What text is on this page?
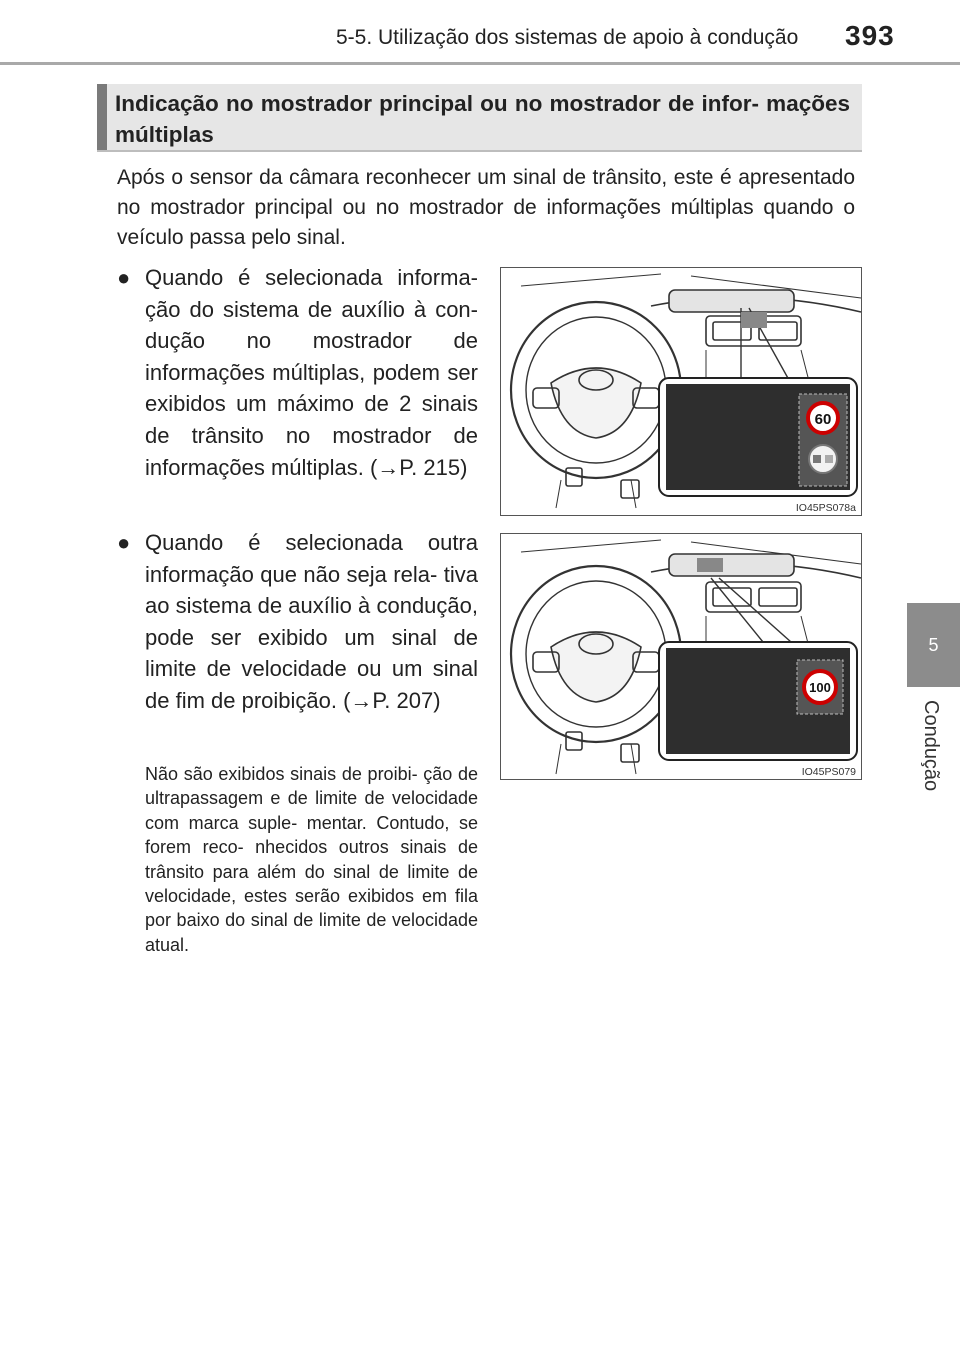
5-5. Utilização dos sistemas de apoio à condução 393
5
Condução
Indicação no mostrador principal ou no mostrador de infor- mações múltiplas
Após o sensor da câmara reconhecer um sinal de trânsito, este é apresentado no mostrador principal ou no mostrador de informações múltiplas quando o veículo passa pelo sinal.
● Quando é selecionada informa- ção do sistema de auxílio à con- dução no mostrador de informações múltiplas, podem ser exibidos um máximo de 2 sinais de trânsito no mostrador de informações múltiplas. (→P. 215)
● Quando é selecionada outra informação que não seja rela- tiva ao sistema de auxílio à condução, pode ser exibido um sinal de limite de velocidade ou um sinal de fim de proibição. (→P. 207)
Não são exibidos sinais de proibi- ção de ultrapassagem e de limite de velocidade com marca suple- mentar. Contudo, se forem reco- nhecidos outros sinais de trânsito para além do sinal de limite de velocidade, estes serão exibidos em fila por baixo do sinal de limite de velocidade atual.
60
IO45PS078a
100
IO45PS079
